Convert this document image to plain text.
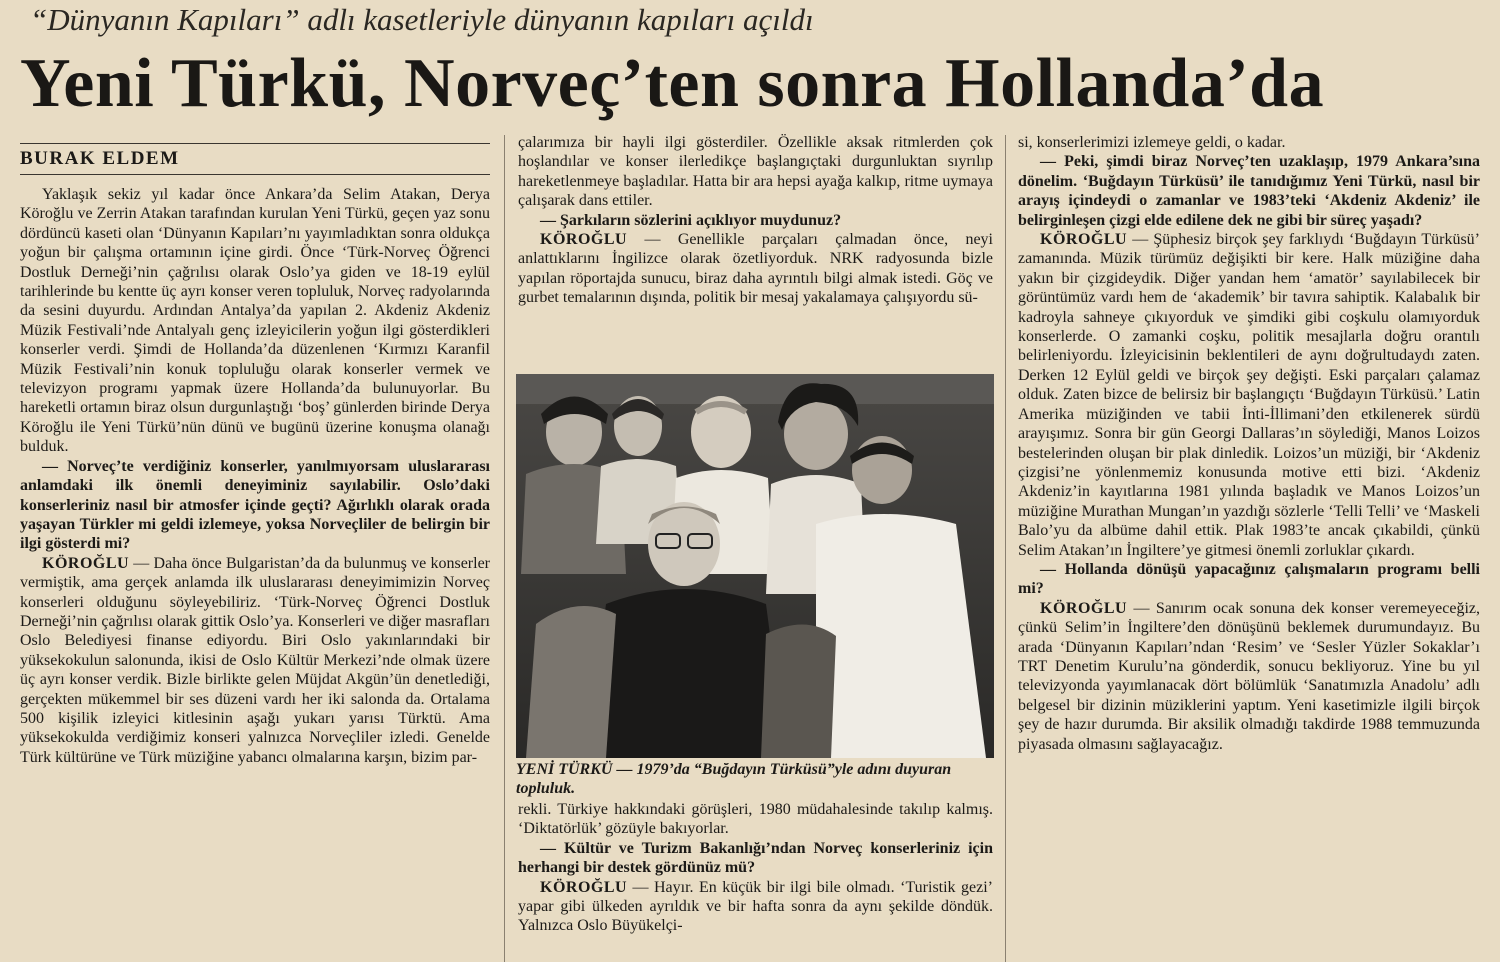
“Dünyanın Kapıları” adlı kasetleriyle dünyanın kapıları açıldı
Yeni Türkü, Norveç’ten sonra Hollanda’da
BURAK ELDEM

Yaklaşık sekiz yıl kadar önce Ankara’da Selim Atakan, Derya Köroğlu ve Zerrin Atakan tarafından kurulan Yeni Türkü, geçen yaz sonu dördüncü kaseti olan ‘Dünyanın Kapıları’nı yayımladıktan sonra oldukça yoğun bir çalışma ortamının içine girdi. Önce ‘Türk-Norveç Öğrenci Dostluk Derneği’nin çağrılısı olarak Oslo’ya giden ve 18-19 eylül tarihlerinde bu kentte üç ayrı konser veren topluluk, Norveç radyolarında da sesini duyurdu. Ardından Antalya’da yapılan 2. Akdeniz Akdeniz Müzik Festivali’nde Antalyalı genç izleyicilerin yoğun ilgi gösterdikleri konserler verdi. Şimdi de Hollanda’da düzenlenen ‘Kırmızı Karanfil Müzik Festivali’nin konuk topluluğu olarak konserler vermek ve televizyon programı yapmak üzere Hollanda’da bulunuyorlar. Bu hareketli ortamın biraz olsun durgunlaştığı ‘boş’ günlerden birinde Derya Köroğlu ile Yeni Türkü’nün dünü ve bugünü üzerine konuşma olanağı bulduk.

— Norveç’te verdiğiniz konserler, yanılmıyorsam uluslararası anlamdaki ilk önemli deneyiminiz sayılabilir. Oslo’daki konserleriniz nasıl bir atmosfer içinde geçti? Ağırlıklı olarak orada yaşayan Türkler mi geldi izlemeye, yoksa Norveçliler de belirgin bir ilgi gösterdi mi?

KÖROĞLU — Daha önce Bulgaristan’da da bulunmuş ve konserler vermiştik, ama gerçek anlamda ilk uluslararası deneyimimizin Norveç konserleri olduğunu söyleyebiliriz. ‘Türk-Norveç Öğrenci Dostluk Derneği’nin çağrılısı olarak gittik Oslo’ya. Konserleri ve diğer masrafları Oslo Belediyesi finanse ediyordu. Biri Oslo yakınlarındaki bir yüksekokulun salonunda, ikisi de Oslo Kültür Merkezi’nde olmak üzere üç ayrı konser verdik. Bizle birlikte gelen Müjdat Akgün’ün denetlediği, gerçekten mükemmel bir ses düzeni vardı her iki salonda da. Ortalama 500 kişilik izleyici kitlesinin aşağı yukarı yarısı Türktü. Ama yüksekokulda verdiğimiz konseri yalnızca Norveçliler izledi. Genelde Türk kültürüne ve Türk müziğine yabancı olmalarına karşın, bizim par-

çalarımıza bir hayli ilgi gösterdiler. Özellikle aksak ritmlerden çok hoşlandılar ve konser ilerledikçe başlangıçtaki durgunluktan sıyrılıp hareketlenmeye başladılar. Hatta bir ara hepsi ayağa kalkıp, ritme uymaya çalışarak dans ettiler.

— Şarkıların sözlerini açıklıyor muydunuz?

KÖROĞLU — Genellikle parçaları çalmadan önce, neyi anlattıklarını İngilizce olarak özetliyorduk. NRK radyosunda bizle yapılan röportajda sunucu, biraz daha ayrıntılı bilgi almak istedi. Göç ve gurbet temalarının dışında, politik bir mesaj yakalamaya çalışıyordu sü-

YENİ TÜRKÜ — 1979’da “Buğdayın Türküsü”yle adını duyuran topluluk.

rekli. Türkiye hakkındaki görüşleri, 1980 müdahalesinde takılıp kalmış. ‘Diktatörlük’ gözüyle bakıyorlar.

— Kültür ve Turizm Bakanlığı’ndan Norveç konserleriniz için herhangi bir destek gördünüz mü?

KÖROĞLU — Hayır. En küçük bir ilgi bile olmadı. ‘Turistik gezi’ yapar gibi ülkeden ayrıldık ve bir hafta sonra da aynı şekilde döndük. Yalnızca Oslo Büyükelçi-

si, konserlerimizi izlemeye geldi, o kadar.

— Peki, şimdi biraz Norveç’ten uzaklaşıp, 1979 Ankara’sına dönelim. ‘Buğdayın Türküsü’ ile tanıdığımız Yeni Türkü, nasıl bir arayış içindeydi o zamanlar ve 1983’teki ‘Akdeniz Akdeniz’ ile belirginleşen çizgi elde edilene dek ne gibi bir süreç yaşadı?

KÖROĞLU — Şüphesiz birçok şey farklıydı ‘Buğdayın Türküsü’ zamanında. Müzik türümüz değişikti bir kere. Halk müziğine daha yakın bir çizgideydik. Diğer yandan hem ‘amatör’ sayılabilecek bir görüntümüz vardı hem de ‘akademik’ bir tavıra sahiptik. Kalabalık bir kadroyla sahneye çıkıyorduk ve şimdiki gibi coşkulu olamıyorduk konserlerde. O zamanki coşku, politik mesajlarla doğru orantılı belirleniyordu. İzleyicisinin beklentileri de aynı doğrultudaydı zaten. Derken 12 Eylül geldi ve birçok şey değişti. Eski parçaları çalamaz olduk. Zaten bizce de belirsiz bir başlangıçtı ‘Buğdayın Türküsü.’ Latin Amerika müziğinden ve tabii İnti-İllimani’den etkilenerek sürdü arayışımız. Sonra bir gün Georgi Dallaras’ın söylediği, Manos Loizos bestelerinden oluşan bir plak dinledik. Loizos’un müziği, bir ‘Akdeniz çizgisi’ne yönlenmemiz konusunda motive etti bizi. ‘Akdeniz Akdeniz’in kayıtlarına 1981 yılında başladık ve Manos Loizos’un müziğine Murathan Mungan’ın yazdığı sözlerle ‘Telli Telli’ ve ‘Maskeli Balo’yu da albüme dahil ettik. Plak 1983’te ancak çıkabildi, çünkü Selim Atakan’ın İngiltere’ye gitmesi önemli zorluklar çıkardı.

— Hollanda dönüşü yapacağınız çalışmaların programı belli mi?

KÖROĞLU — Sanırım ocak sonuna dek konser veremeyeceğiz, çünkü Selim’in İngiltere’den dönüşünü beklemek durumundayız. Bu arada ‘Dünyanın Kapıları’ndan ‘Resim’ ve ‘Sesler Yüzler Sokaklar’ı TRT Denetim Kurulu’na gönderdik, sonucu bekliyoruz. Yine bu yıl televizyonda yayımlanacak dört bölümlük ‘Sanatımızla Anadolu’ adlı belgesel bir dizinin müziklerini yaptım. Yeni kasetimizle ilgili birçok şey de hazır durumda. Bir aksilik olmadığı takdirde 1988 temmuzunda piyasada olmasını sağlayacağız.
